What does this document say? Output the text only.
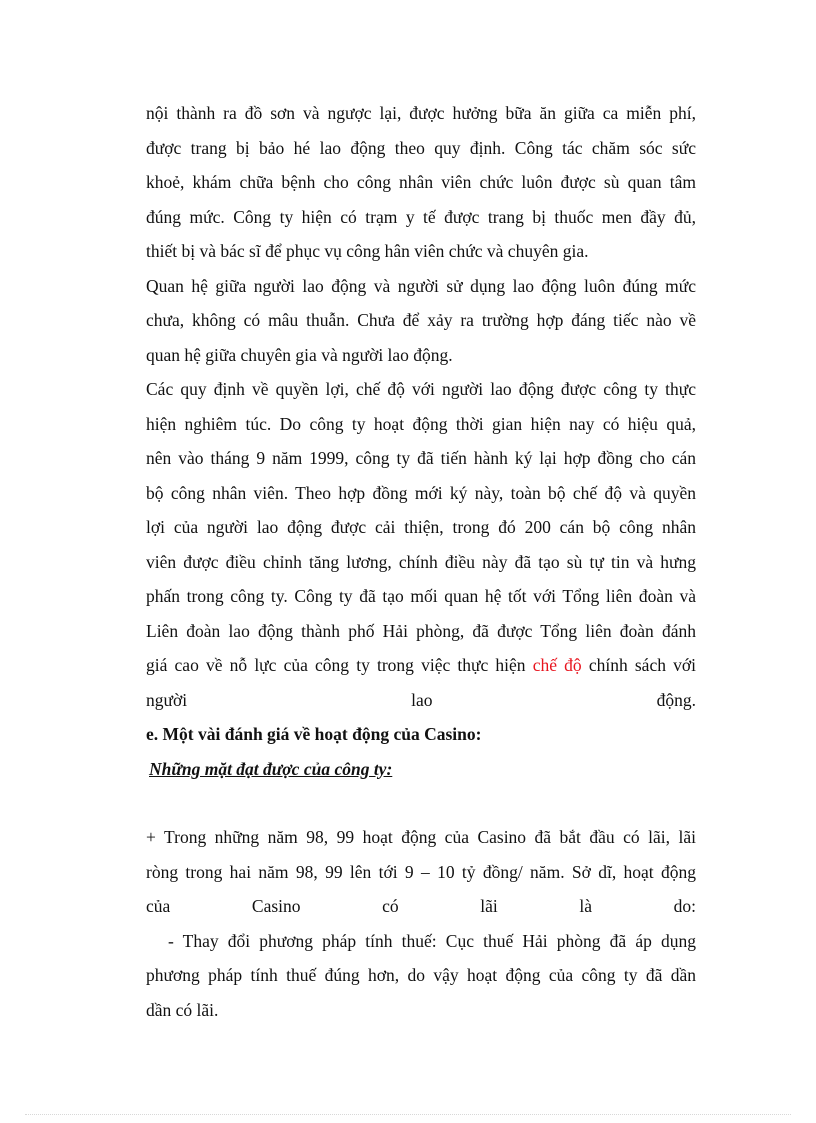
nội thành ra đồ sơn và ngược lại, được hưởng bữa ăn giữa ca miễn phí,
được trang bị bảo hé lao động theo quy định. Công tác chăm sóc sức
khoẻ, khám chữa bệnh cho công nhân viên chức luôn được sù quan tâm
đúng mức. Công ty hiện có trạm y tế được trang bị thuốc men đầy đủ,
thiết bị và bác sĩ để phục vụ công hân viên chức và chuyên gia.
Quan hệ giữa người lao động và người sử dụng lao động luôn đúng mức
chưa, không có mâu thuẫn. Chưa để xảy ra trường hợp đáng tiếc nào về
quan hệ giữa chuyên gia và người lao động.
Các quy định về quyền lợi, chế độ với người lao động được công ty thực
hiện nghiêm túc. Do công ty hoạt động thời gian hiện nay có hiệu quả,
nên vào tháng 9 năm 1999, công ty đã tiến hành ký lại hợp đồng cho cán
bộ công nhân viên. Theo hợp đồng mới ký này, toàn bộ chế độ và quyền
lợi của người lao động được cải thiện, trong đó 200 cán bộ công nhân
viên được điều chỉnh tăng lương, chính điều này đã tạo sù tự tin và hưng
phấn trong công ty. Công ty đã tạo mối quan hệ tốt với Tổng liên đoàn và
Liên đoàn lao động thành phố Hải phòng, đã được Tổng liên đoàn đánh
giá cao về nỗ lực của công ty trong việc thực hiện chế độ chính sách với
người lao động.
e. Một vài đánh giá về hoạt động của Casino:
Những mặt đạt được của công ty:
+ Trong những năm 98, 99 hoạt động của Casino đã bắt đầu có lãi, lãi
ròng trong hai năm 98, 99 lên tới 9 – 10 tỷ đồng/ năm. Sở dĩ, hoạt động
của Casino có lãi là do:
- Thay đổi phương pháp tính thuế: Cục thuế Hải phòng đã áp dụng
phương pháp tính thuế đúng hơn, do vậy hoạt động của công ty đã dần
dần có lãi.
